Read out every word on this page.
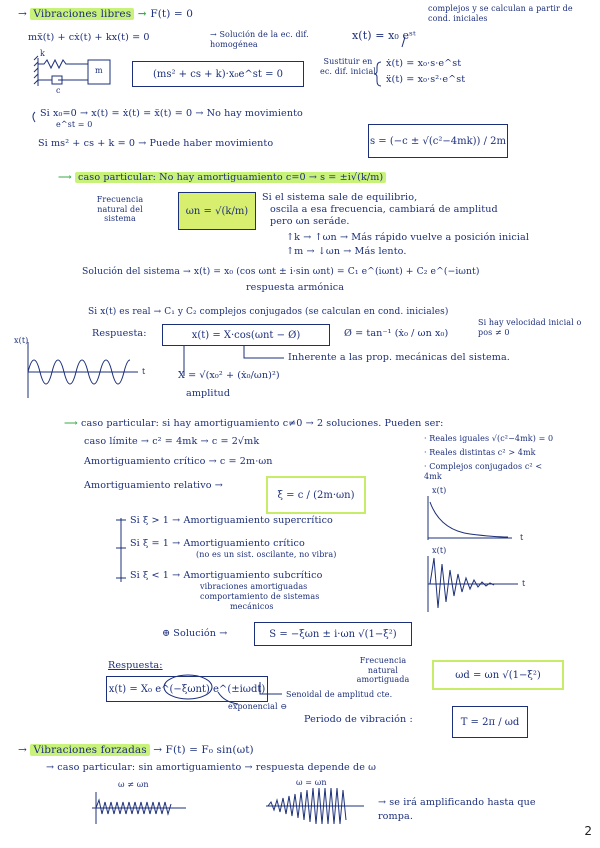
→ Vibraciones libres → F(t) = 0	complejos y se calculan a partir de cond. iniciales
mẍ(t) + cẋ(t) + kx(t) = 0	→ Solución de la ec. dif. homogénea
x(t) = x₀ eˢᵗ
k
m
c
(ms² + cs + k)·x₀e^st = 0
Sustituir en ec. dif. inicial
ẋ(t) = x₀·s·e^st
ẍ(t) = x₀·s²·e^st
Si x₀=0 → x(t) = ẋ(t) = ẍ(t) = 0 → No hay movimiento
e^st = 0
Si ms² + cs + k = 0 → Puede haber movimiento	s = (−c ± √(c²−4mk)) / 2m
⟶ caso particular: No hay amortiguamiento c=0 → s = ±i√(k/m)
Frecuencia natural del sistema
ωn = √(k/m)
Si el sistema sale de equilibrio,
oscila a esa frecuencia, cambiará de amplitud
pero ωn seráde.
↑k → ↑ωn → Más rápido vuelve a posición inicial
↑m → ↓ωn → Más lento.
Solución del sistema → x(t) = x₀ (cos ωnt ± i·sin ωnt) = C₁ e^(iωnt) + C₂ e^(−iωnt)
respuesta armónica
Si x(t) es real → C₁ y C₂ complejos conjugados (se calculan en cond. iniciales)
Respuesta:	x(t) = X·cos(ωnt − Ø)	Ø = tan⁻¹ (ẋ₀ / ωn x₀)
Si hay velocidad inicial o pos ≠ 0
Inherente a las prop. mecánicas del sistema.
X = √(x₀² + (ẋ₀/ωn)²)
amplitud
x(t)
t
⟶ caso particular: si hay amortiguamiento c≠0 → 2 soluciones. Pueden ser:
caso límite → c² = 4mk → c = 2√mk
Amortiguamiento crítico → c = 2m·ωn
· Reales iguales √(c²−4mk) = 0
· Reales distintas c² > 4mk
· Complejos conjugados c² < 4mk
Amortiguamiento relativo →
ξ = c / (2m·ωn)
Si ξ > 1 → Amortiguamiento supercrítico
Si ξ = 1 → Amortiguamiento crítico
(no es un sist. oscilante, no vibra)
Si ξ < 1 → Amortiguamiento subcrítico
vibraciones amortiguadas
comportamiento de sistemas
mecánicos
x(t)
t
x(t)
t
⊕ Solución →	S = −ξωn ± i·ωn √(1−ξ²)
Respuesta:
x(t) = X₀ e^(−ξωnt) e^(±iωdt)
exponencial ⊖
Senoidal de amplitud cte.
Frecuencia natural amortiguada	ωd = ωn √(1−ξ²)
Periodo de vibración :	T = 2π / ωd
→ Vibraciones forzadas → F(t) = F₀ sin(ωt)
→ caso particular: sin amortiguamiento → respuesta depende de ω
ω ≠ ωn	ω = ωn
→ se irá amplificando hasta que rompa.
2
